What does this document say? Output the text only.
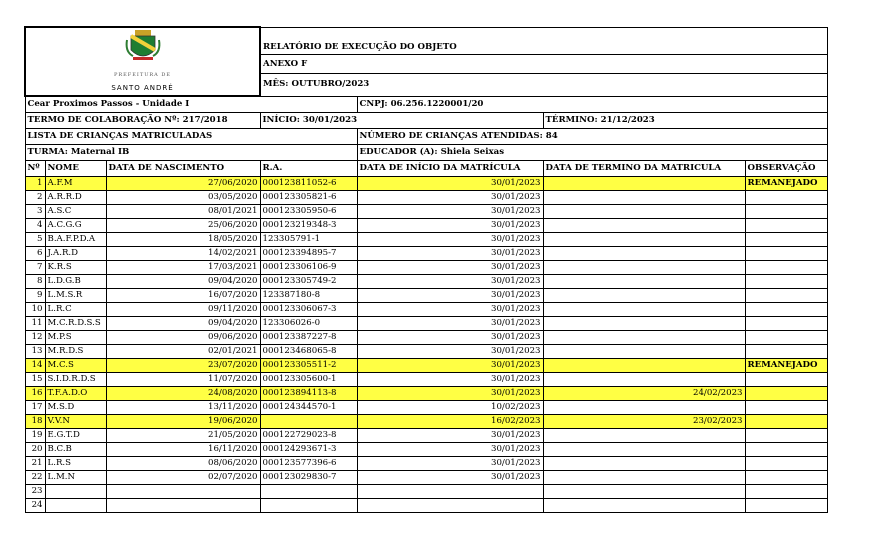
PREFEITURA DE
SANTO ANDRÉ			RELATÓRIO DE EXECUÇÃO DO OBJETO			
			ANEXO F			
			MÊS: OUTUBRO/2023			
Cear Proximos Passos - Unidade I				CNPJ: 06.256.1220001/20		
TERMO DE COLABORAÇÃO Nº: 217/2018			INÍCIO: 30/01/2023		TÉRMINO: 21/12/2023	
LISTA DE CRIANÇAS MATRICULADAS				NÚMERO DE CRIANÇAS ATENDIDAS: 84		
TURMA: Maternal IB				EDUCADOR (A): Shiela Seixas		
Nº	NOME	DATA DE NASCIMENTO	R.A.	DATA DE INÍCIO DA MATRÍCULA	DATA DE TERMINO DA MATRICULA	OBSERVAÇÃO
1	A.F.M	27/06/2020	000123811052-6	30/01/2023		REMANEJADO
2	A.R.R.D	03/05/2020	000123305821-6	30/01/2023		
3	A.S.C	08/01/2021	000123305950-6	30/01/2023		
4	A.C.G.G	25/06/2020	000123219348-3	30/01/2023		
5	B.A.F.P.D.A	18/05/2020	123305791-1	30/01/2023		
6	J.A.R.D	14/02/2021	000123394895-7	30/01/2023		
7	K.R.S	17/03/2021	000123306106-9	30/01/2023		
8	L.D.G.B	09/04/2020	000123305749-2	30/01/2023		
9	L.M.S.R	16/07/2020	123387180-8	30/01/2023		
10	L.R.C	09/11/2020	000123306067-3	30/01/2023		
11	M.C.R.D.S.S	09/04/2020	123306026-0	30/01/2023		
12	M.P.S	09/06/2020	000123387227-8	30/01/2023		
13	M.R.D.S	02/01/2021	000123468065-8	30/01/2023		
14	M.C.S	23/07/2020	000123305511-2	30/01/2023		REMANEJADO
15	S.I.D.R.D.S	11/07/2020	000123305600-1	30/01/2023		
16	T.F.A.D.O	24/08/2020	000123894113-8	30/01/2023	24/02/2023	
17	M.S.D	13/11/2020	000124344570-1	10/02/2023		
18	V.V.N	19/06/2020		16/02/2023	23/02/2023	
19	E.G.T.D	21/05/2020	000122729023-8	30/01/2023		
20	B.C.B	16/11/2020	000124293671-3	30/01/2023		
21	L.R.S	08/06/2020	000123577396-6	30/01/2023		
22	L.M.N	02/07/2020	000123029830-7	30/01/2023		
23						
24						
